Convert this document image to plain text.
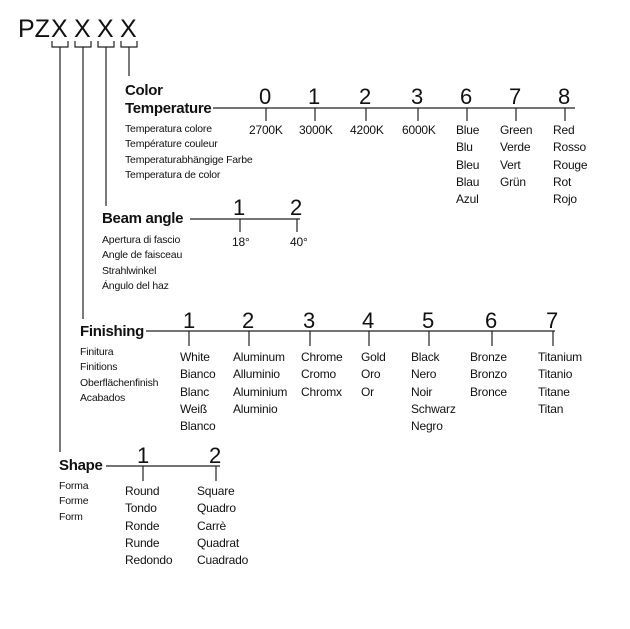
PZ X X X X
Color
Temperature
Temperatura colore
Température couleur
Temperaturabhängige Farbe
Temperatura de color
0 1 2 3 6 7 8
2700K 3000K 4200K 6000K Blue
Blu
Bleu
Blau
Azul
Green
Verde
Vert
Grün
Red
Rosso
Rouge
Rot
Rojo
Beam angle
Apertura di fascio
Angle de faisceau
Strahlwinkel
Ángulo del haz
1 2
18°	40°
Finishing
Finitura
Finitions
Oberflächenfinish
Acabados
1 2 3 4 5 6 7
White
Bianco
Blanc
Weiß
Blanco
Aluminum
Alluminio
Aluminium
Aluminio
Chrome
Cromo
Chromx
Gold
Oro
Or
Black
Nero
Noir
Schwarz
Negro
Bronze
Bronzo
Bronce
Titanium
Titanio
Titane
Titan
Shape
Forma
Forme
Form
1	2
Round
Tondo
Ronde
Runde
Redondo
Square
Quadro
Carrè
Quadrat
Cuadrado
